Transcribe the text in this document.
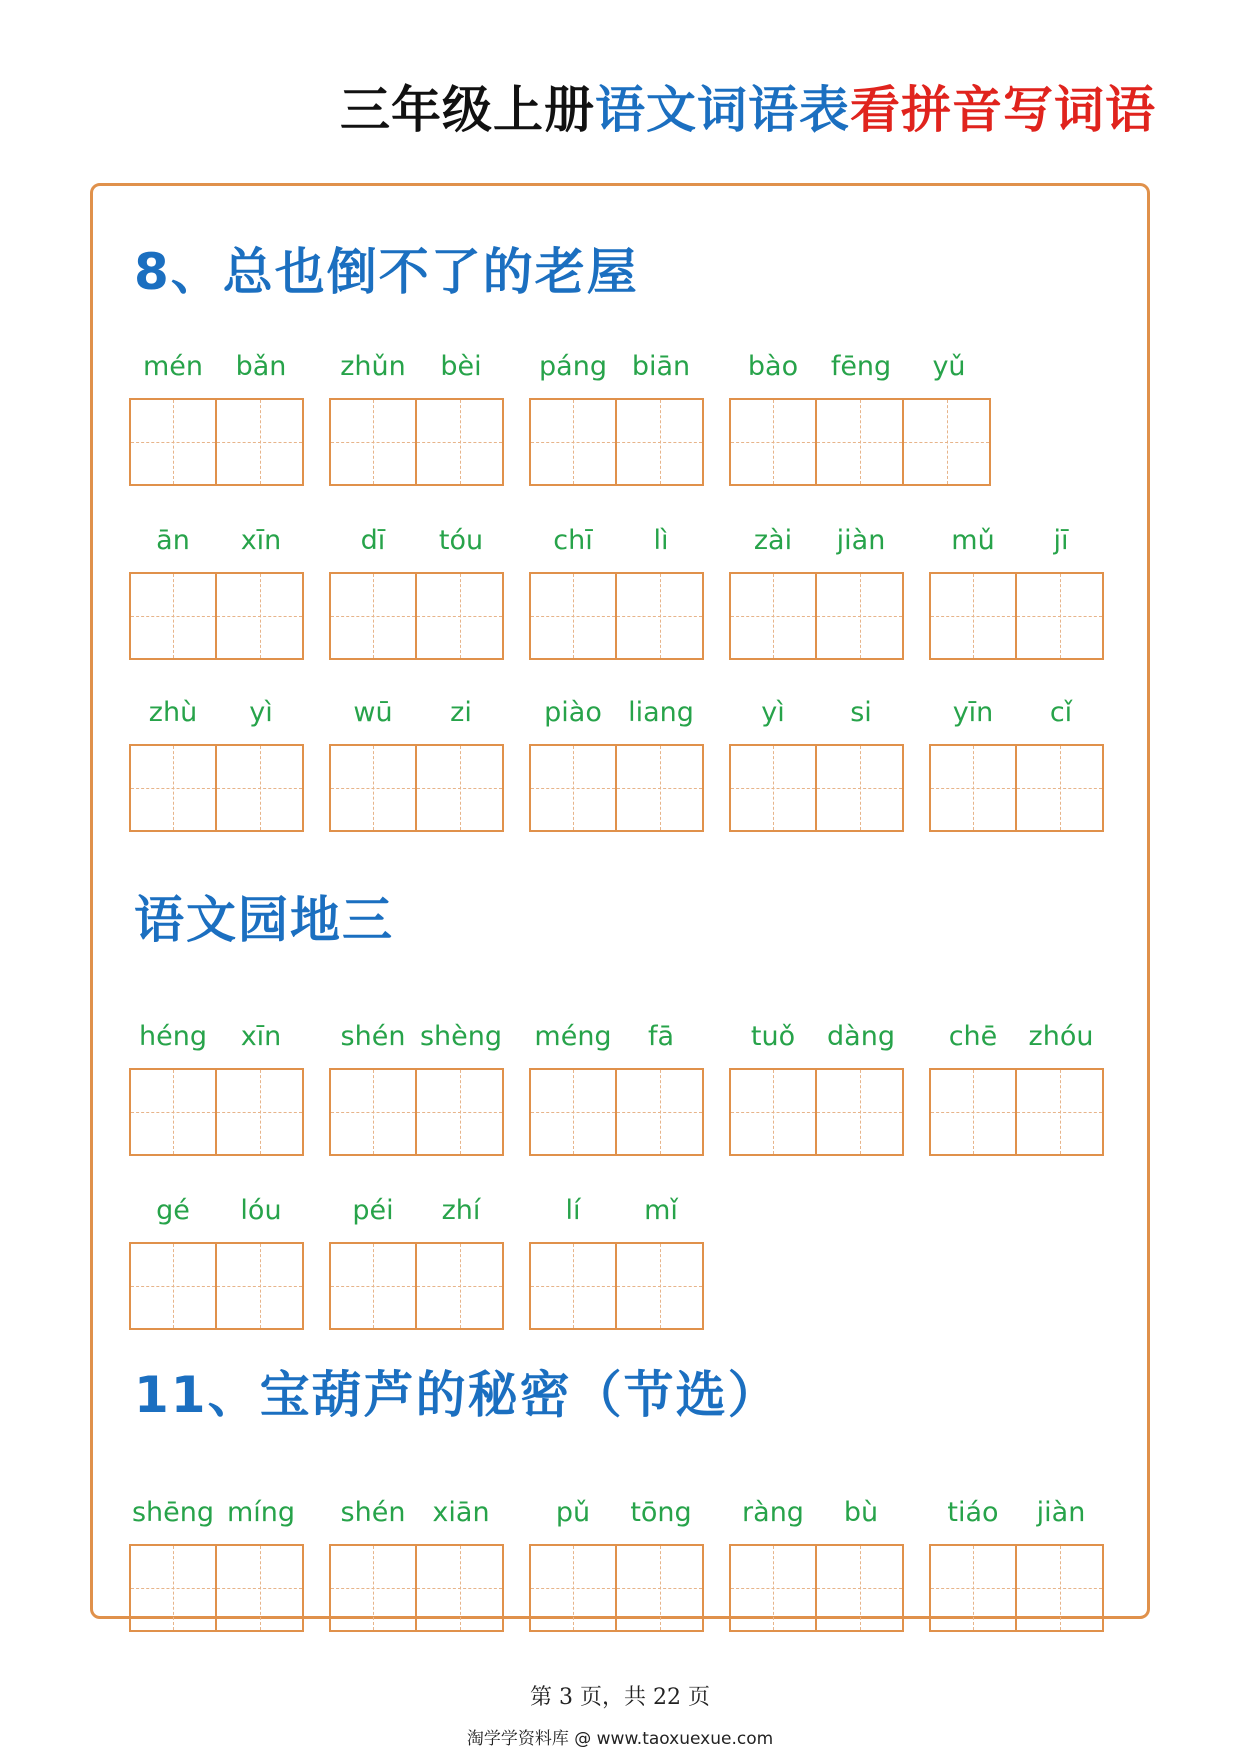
三年级上册语文词语表看拼音写词语
8、总也倒不了的老屋
mén	bǎn	zhǔn	bèi	páng biān	bào	fēng	yǔ
ān	xīn	dī	tóu	chī	lì	zài	jiàn	mǔ	jī
zhù	yì	wū	zi	piào liang	yì	si	yīn	cǐ
语文园地三
héng	xīn	shén shèng méng	fā	tuǒ	dàng	chē	zhóu
gé	lóu	péi	zhí	lí	mǐ
11、宝葫芦的秘密（节选）
shēng míng	shén xiān	pǔ	tōng	ràng	bù	tiáo	jiàn
第 3 页，共 22 页
淘学学资料库 @ www.taoxuexue.com
